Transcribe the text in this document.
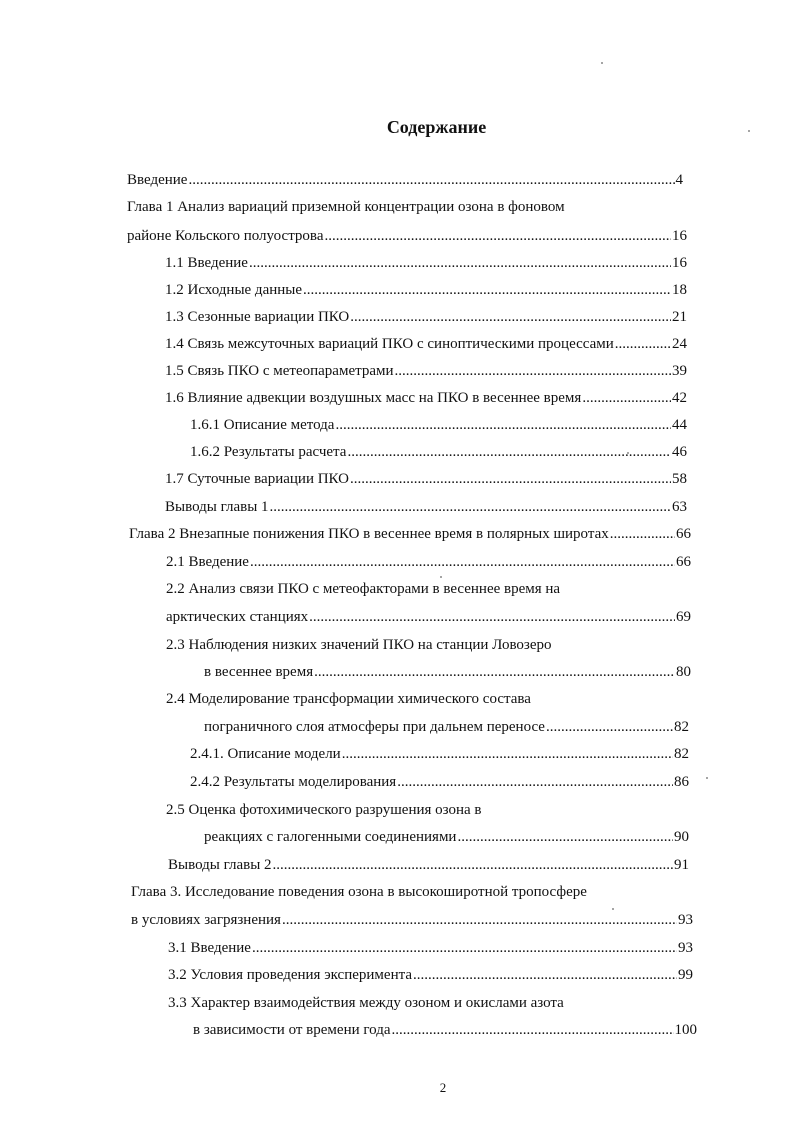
Содержание
Введение .....	4
Глава 1 Анализ вариаций приземной концентрации озона в фоновом
районе Кольского полуострова .....	16
1.1 Введение .....	16
1.2 Исходные данные .....	18
1.3 Сезонные вариации ПКО .....	21
1.4 Связь межсуточных вариаций ПКО с синоптическими процессами .....	24
1.5 Связь ПКО с метеопараметрами .....	39
1.6 Влияние адвекции воздушных масс на ПКО в весеннее время .....	42
1.6.1 Описание метода .....	44
1.6.2 Результаты расчета .....	46
1.7 Суточные вариации ПКО .....	58
Выводы главы 1 .....	63
Глава 2 Внезапные понижения ПКО в весеннее время в полярных широтах .....	66
2.1 Введение .....	66
2.2 Анализ связи ПКО с метеофакторами в весеннее время на
арктических станциях .....	69
2.3 Наблюдения низких значений ПКО на станции Ловозеро
в весеннее время .....	80
2.4 Моделирование трансформации химического состава
пограничного слоя атмосферы при дальнем переносе .....	82
2.4.1. Описание модели .....	82
2.4.2 Результаты моделирования .....	86
2.5 Оценка фотохимического разрушения озона в
реакциях с галогенными соединениями .....	90
Выводы главы 2 .....	91
Глава 3. Исследование поведения озона в высокоширотной тропосфере
в условиях загрязнения .....	93
3.1 Введение .....	93
3.2 Условия проведения эксперимента .....	99
3.3 Характер взаимодействия между озоном и окислами азота
в зависимости от времени года .....	100
2
